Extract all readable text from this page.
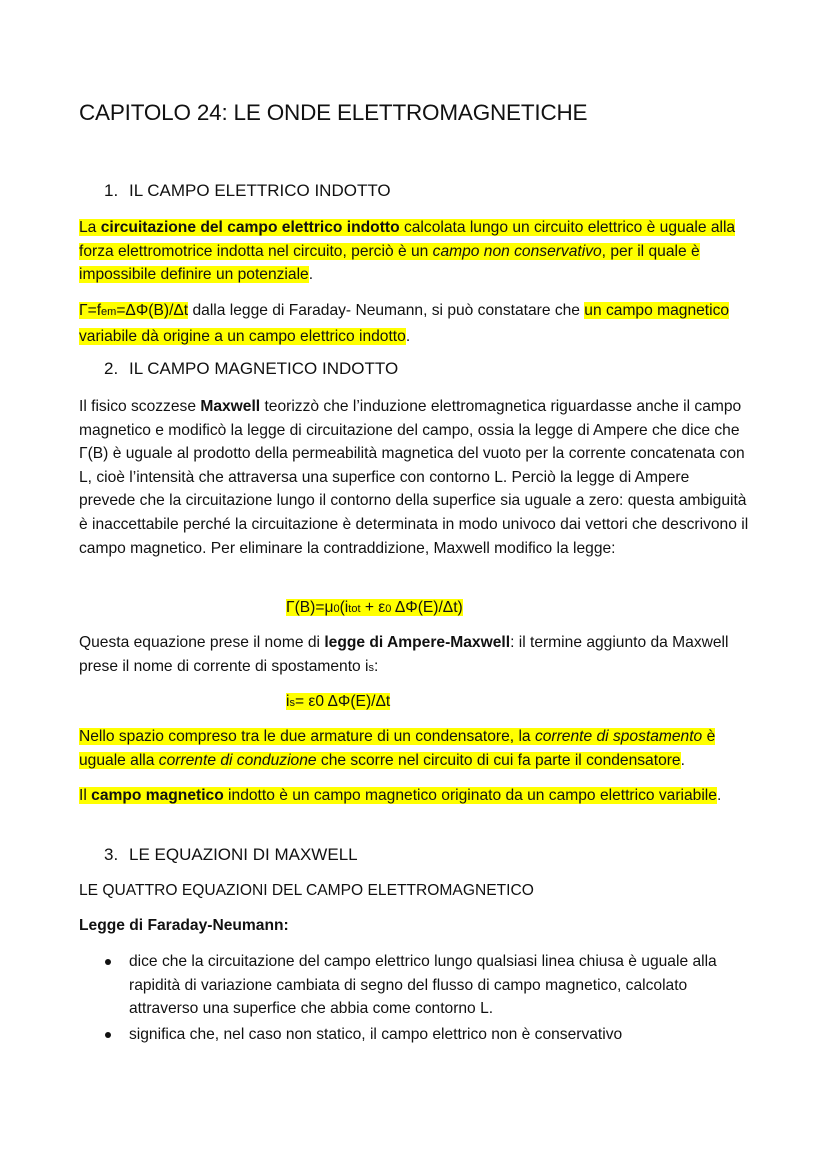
CAPITOLO 24: LE ONDE ELETTROMAGNETICHE
1. IL CAMPO ELETTRICO INDOTTO
La circuitazione del campo elettrico indotto calcolata lungo un circuito elettrico è uguale alla forza elettromotrice indotta nel circuito, perciò è un campo non conservativo, per il quale è impossibile definire un potenziale.
Γ=fem=ΔΦ(B)/Δt dalla legge di Faraday- Neumann, si può constatare che un campo magnetico variabile dà origine a un campo elettrico indotto.
2. IL CAMPO MAGNETICO INDOTTO
Il fisico scozzese Maxwell teorizzò che l’induzione elettromagnetica riguardasse anche il campo magnetico e modificò la legge di circuitazione del campo, ossia la legge di Ampere che dice che Γ(B) è uguale al prodotto della permeabilità magnetica del vuoto per la corrente concatenata con L, cioè l’intensità che attraversa una superfice con contorno L. Perciò la legge di Ampere prevede che la circuitazione lungo il contorno della superfice sia uguale a zero: questa ambiguità è inaccettabile perché la circuitazione è determinata in modo univoco dai vettori che descrivono il campo magnetico. Per eliminare la contraddizione, Maxwell modifico la legge:
Γ(B)=μ0(itot + ε0 ΔΦ(E)/Δt)
Questa equazione prese il nome di legge di Ampere-Maxwell: il termine aggiunto da Maxwell prese il nome di corrente di spostamento is:
is= ε0 ΔΦ(E)/Δt
Nello spazio compreso tra le due armature di un condensatore, la corrente di spostamento è uguale alla corrente di conduzione che scorre nel circuito di cui fa parte il condensatore.
Il campo magnetico indotto è un campo magnetico originato da un campo elettrico variabile.
3. LE EQUAZIONI DI MAXWELL
LE QUATTRO EQUAZIONI DEL CAMPO ELETTROMAGNETICO
Legge di Faraday-Neumann:
dice che la circuitazione del campo elettrico lungo qualsiasi linea chiusa è uguale alla rapidità di variazione cambiata di segno del flusso di campo magnetico, calcolato attraverso una superfice che abbia come contorno L.
significa che, nel caso non statico, il campo elettrico non è conservativo
